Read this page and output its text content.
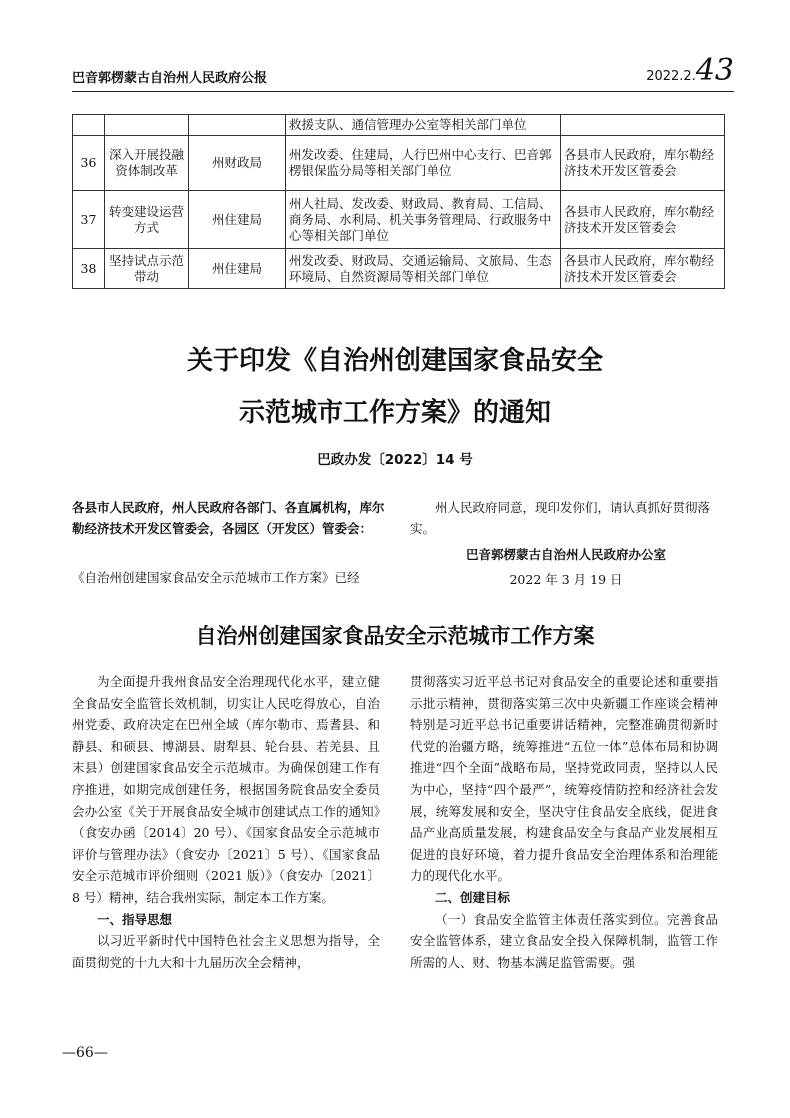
巴音郭楞蒙古自治州人民政府公报	2022.2.43
			救援支队、通信管理办公室等相关部门单位	
36	深入开展投融资体制改革	州财政局	州发改委、住建局，人行巴州中心支行、巴音郭楞银保监分局等相关部门单位	各县市人民政府，库尔勒经济技术开发区管委会
37	转变建设运营方式	州住建局	州人社局、发改委、财政局、教育局、工信局、商务局、水利局、机关事务管理局、行政服务中心等相关部门单位	各县市人民政府，库尔勒经济技术开发区管委会
38	坚持试点示范带动	州住建局	州发改委、财政局、交通运输局、文旅局、生态环境局、自然资源局等相关部门单位	各县市人民政府，库尔勒经济技术开发区管委会
关于印发《自治州创建国家食品安全
示范城市工作方案》的通知
巴政办发〔2022〕14 号
各县市人民政府，州人民政府各部门、各直属机构，库尔勒经济技术开发区管委会，各园区（开发区）管委会：
《自治州创建国家食品安全示范城市工作方案》已经
州人民政府同意，现印发你们，请认真抓好贯彻落实。
巴音郭楞蒙古自治州人民政府办公室
2022 年 3 月 19 日
自治州创建国家食品安全示范城市工作方案

为全面提升我州食品安全治理现代化水平，建立健全食品安全监管长效机制，切实让人民吃得放心，自治州党委、政府决定在巴州全域（库尔勒市、焉耆县、和静县、和硕县、博湖县、尉犁县、轮台县、若羌县、且末县）创建国家食品安全示范城市。为确保创建工作有序推进，如期完成创建任务，根据国务院食品安全委员会办公室《关于开展食品安全城市创建试点工作的通知》（食安办函〔2014〕20 号）、《国家食品安全示范城市评价与管理办法》（食安办〔2021〕5 号）、《国家食品安全示范城市评价细则（2021 版）》（食安办〔2021〕8 号）精神，结合我州实际，制定本工作方案。

一、指导思想

以习近平新时代中国特色社会主义思想为指导，全面贯彻党的十九大和十九届历次全会精神，

贯彻落实习近平总书记对食品安全的重要论述和重要指示批示精神，贯彻落实第三次中央新疆工作座谈会精神特别是习近平总书记重要讲话精神，完整准确贯彻新时代党的治疆方略，统筹推进“五位一体”总体布局和协调推进“四个全面”战略布局，坚持党政同责，坚持以人民为中心，坚持“四个最严”，统筹疫情防控和经济社会发展，统筹发展和安全，坚决守住食品安全底线，促进食品产业高质量发展，构建食品安全与食品产业发展相互促进的良好环境，着力提升食品安全治理体系和治理能力的现代化水平。

二、创建目标

（一）食品安全监管主体责任落实到位。完善食品安全监管体系，建立食品安全投入保障机制，监管工作所需的人、财、物基本满足监管需要。强

—66—
